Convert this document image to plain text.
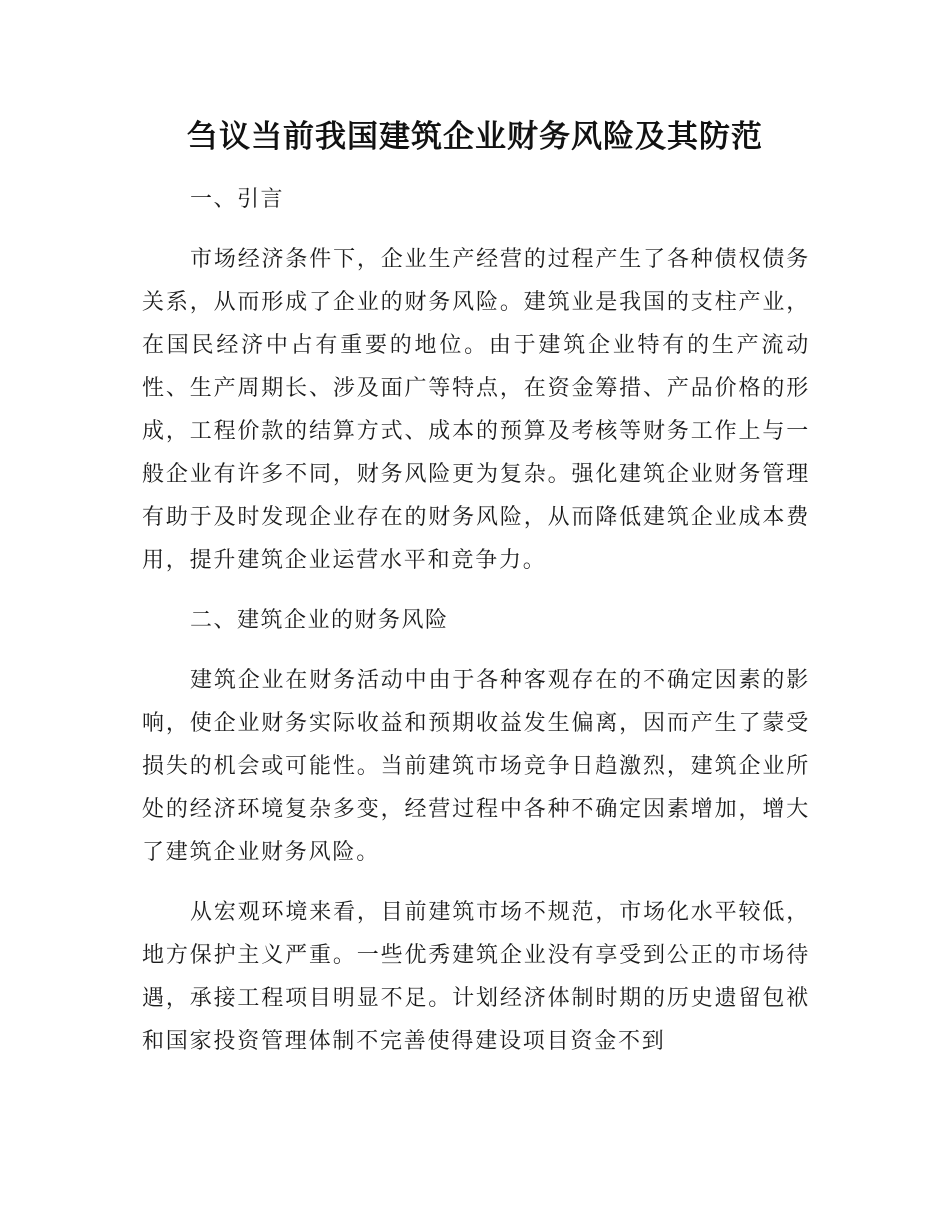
刍议当前我国建筑企业财务风险及其防范

一、引言

市场经济条件下，企业生产经营的过程产生了各种债权债务关系，从而形成了企业的财务风险。建筑业是我国的支柱产业，在国民经济中占有重要的地位。由于建筑企业特有的生产流动性、生产周期长、涉及面广等特点，在资金筹措、产品价格的形成，工程价款的结算方式、成本的预算及考核等财务工作上与一般企业有许多不同，财务风险更为复杂。强化建筑企业财务管理有助于及时发现企业存在的财务风险，从而降低建筑企业成本费用，提升建筑企业运营水平和竞争力。

二、建筑企业的财务风险

建筑企业在财务活动中由于各种客观存在的不确定因素的影响，使企业财务实际收益和预期收益发生偏离，因而产生了蒙受损失的机会或可能性。当前建筑市场竞争日趋激烈，建筑企业所处的经济环境复杂多变，经营过程中各种不确定因素增加，增大了建筑企业财务风险。

从宏观环境来看，目前建筑市场不规范，市场化水平较低，地方保护主义严重。一些优秀建筑企业没有享受到公正的市场待遇，承接工程项目明显不足。计划经济体制时期的历史遗留包袱和国家投资管理体制不完善使得建设项目资金不到
